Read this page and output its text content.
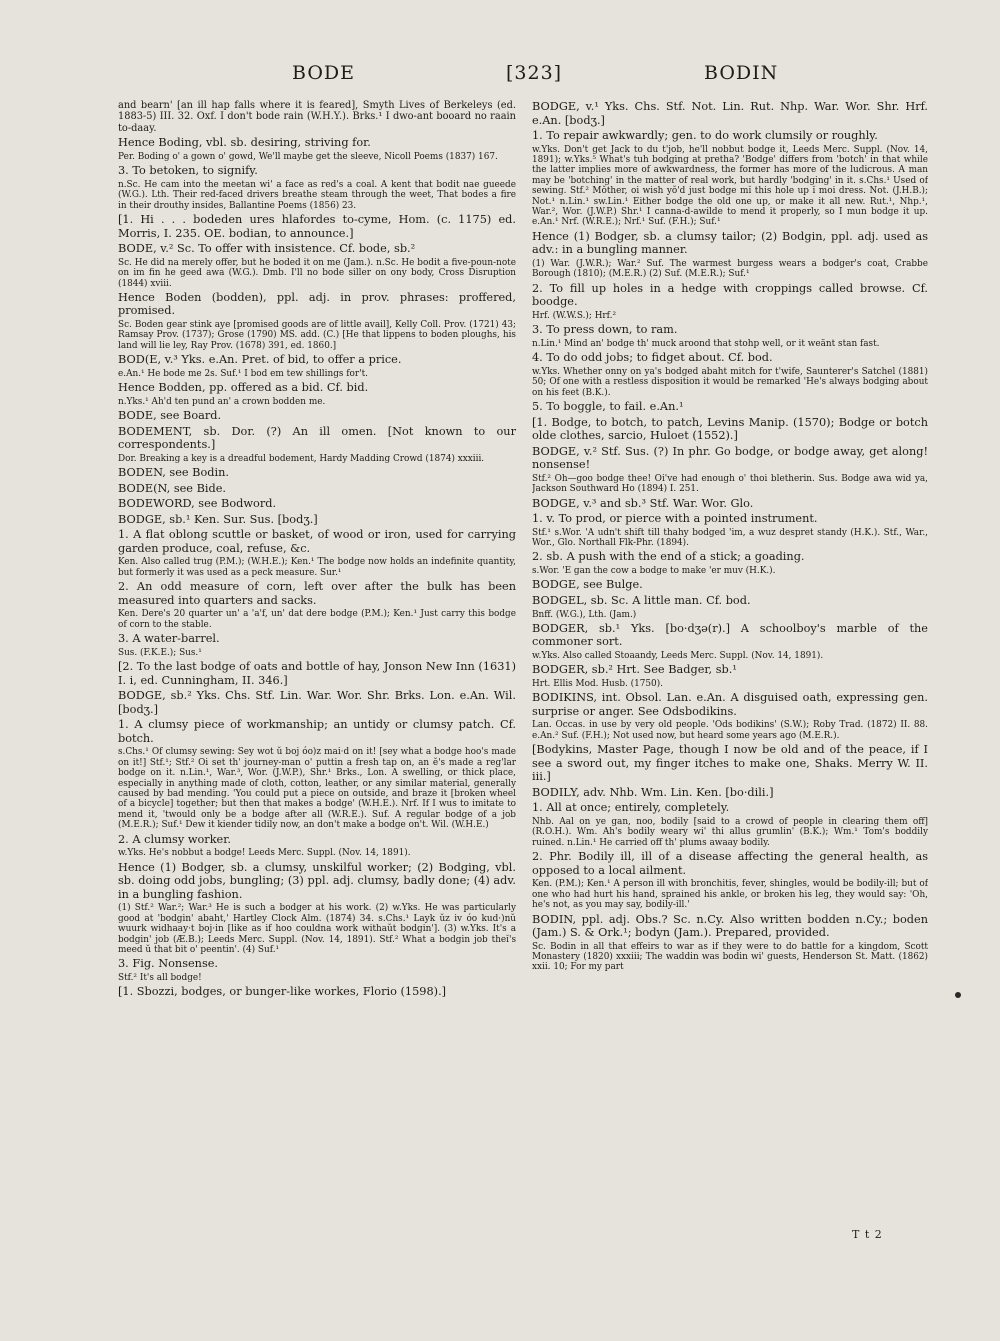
BODE	[323]	BODIN

and bearn' [an ill hap falls where it is feared], Smyth Lives of Berkeleys (ed. 1883-5) III. 32. Oxf. I don't bode rain (W.H.Y.). Brks.¹ I dwo-ant booard no raain to-daay.

Hence Boding, vbl. sb. desiring, striving for.

Per. Boding o' a gown o' gowd, We'll maybe get the sleeve, Nicoll Poems (1837) 167.

3. To betoken, to signify.

n.Sc. He cam into the meetan wi' a face as red's a coal. A kent that bodit nae gueede (W.G.). Lth. Their red-faced drivers breathe steam through the weet, That bodes a fire in their drouthy insides, Ballantine Poems (1856) 23.

[1. Hi . . . bodeden ures hlafordes to-cyme, Hom. (c. 1175) ed. Morris, I. 235. OE. bodian, to announce.]

BODE, v.² Sc. To offer with insistence. Cf. bode, sb.²

Sc. He did na merely offer, but he boded it on me (Jam.). n.Sc. He bodit a five-poun-note on im fin he geed awa (W.G.). Dmb. I'll no bode siller on ony body, Cross Disruption (1844) xviii.

Hence Boden (bodden), ppl. adj. in prov. phrases: proffered, promised.

Sc. Boden gear stink aye [promised goods are of little avail], Kelly Coll. Prov. (1721) 43; Ramsay Prov. (1737); Grose (1790) MS. add. (C.) [He that lippens to boden ploughs, his land will lie ley, Ray Prov. (1678) 391, ed. 1860.]

BOD(E, v.³ Yks. e.An. Pret. of bid, to offer a price.

e.An.¹ He bode me 2s. Suf.¹ I bod em tew shillings for't.

Hence Bodden, pp. offered as a bid. Cf. bid.

n.Yks.¹ Ah'd ten pund an' a crown bodden me.

BODE, see Board.

BODEMENT, sb. Dor. (?) An ill omen. [Not known to our correspondents.]

Dor. Breaking a key is a dreadful bodement, Hardy Madding Crowd (1874) xxxiii.

BODEN, see Bodin.

BODE(N, see Bide.

BODEWORD, see Bodword.

BODGE, sb.¹ Ken. Sur. Sus. [bodʒ.]

1. A flat oblong scuttle or basket, of wood or iron, used for carrying garden produce, coal, refuse, &c.

Ken. Also called trug (P.M.); (W.H.E.); Ken.¹ The bodge now holds an indefinite quantity, but formerly it was used as a peck measure. Sur.¹

2. An odd measure of corn, left over after the bulk has been measured into quarters and sacks.

Ken. Dere's 20 quarter un' a 'a'f, un' dat dere bodge (P.M.); Ken.¹ Just carry this bodge of corn to the stable.

3. A water-barrel.

Sus. (F.K.E.); Sus.¹

[2. To the last bodge of oats and bottle of hay, Jonson New Inn (1631) I. i, ed. Cunningham, II. 346.]

BODGE, sb.² Yks. Chs. Stf. Lin. War. Wor. Shr. Brks. Lon. e.An. Wil. [bodʒ.]

1. A clumsy piece of workmanship; an untidy or clumsy patch. Cf. botch.

s.Chs.¹ Of clumsy sewing: Sey wot ŭ boj óo)z mai·d on it! [sey what a bodge hoo's made on it!] Stf.¹; Stf.² Oi set th' journey-man o' puttin a fresh tap on, an ĕ's made a reg'lar bodge on it. n.Lin.¹, War.³, Wor. (J.W.P.), Shr.¹ Brks., Lon. A swelling, or thick place, especially in anything made of cloth, cotton, leather, or any similar material, generally caused by bad mending. 'You could put a piece on outside, and braze it [broken wheel of a bicycle] together; but then that makes a bodge' (W.H.E.). Nrf. If I wus to imitate to mend it, 'twould only be a bodge after all (W.R.E.). Suf. A regular bodge of a job (M.E.R.); Suf.¹ Dew it kiender tidily now, an don't make a bodge on't. Wil. (W.H.E.)

2. A clumsy worker.

w.Yks. He's nobbut a bodge! Leeds Merc. Suppl. (Nov. 14, 1891).

Hence (1) Bodger, sb. a clumsy, unskilful worker; (2) Bodging, vbl. sb. doing odd jobs, bungling; (3) ppl. adj. clumsy, badly done; (4) adv. in a bungling fashion.

(1) Stf.² War.²; War.³ He is such a bodger at his work. (2) w.Yks. He was particularly good at 'bodgin' abaht,' Hartley Clock Alm. (1874) 34. s.Chs.¹ Layk ŭz iv óo kud·)nŭ wuurk widhaay·t boj·in [like as if hoo couldna work withaŭt bodgin']. (3) w.Yks. It's a bodgin' job (Æ.B.); Leeds Merc. Suppl. (Nov. 14, 1891). Stf.² What a bodgin job theĭ's meed ŭ that bit o' peentin'. (4) Suf.¹

3. Fig. Nonsense.

Stf.² It's all bodge!

[1. Sbozzi, bodges, or bunger-like workes, Florio (1598).]

BODGE, v.¹ Yks. Chs. Stf. Not. Lin. Rut. Nhp. War. Wor. Shr. Hrf. e.An. [bodʒ.]

1. To repair awkwardly; gen. to do work clumsily or roughly.

w.Yks. Don't get Jack to du t'job, he'll nobbut bodge it, Leeds Merc. Suppl. (Nov. 14, 1891); w.Yks.⁵ What's tuh bodging at pretha? 'Bodge' differs from 'botch' in that while the latter implies more of awkwardness, the former has more of the ludicrous. A man may be 'botching' in the matter of real work, but hardly 'bodging' in it. s.Chs.¹ Used of sewing. Stf.² Mŏther, oi wish yŏ'd just bodge mĭ this hole up ĭ moi dress. Not. (J.H.B.); Not.¹ n.Lin.¹ sw.Lin.¹ Either bodge the old one up, or make it all new. Rut.¹, Nhp.¹, War.², Wor. (J.W.P.) Shr.¹ I canna-d-awilde to mend it properly, so I mun bodge it up. e.An.¹ Nrf. (W.R.E.); Nrf.¹ Suf. (F.H.); Suf.¹

Hence (1) Bodger, sb. a clumsy tailor; (2) Bodgin, ppl. adj. used as adv.: in a bungling manner.

(1) War. (J.W.R.); War.² Suf. The warmest burgess wears a bodger's coat, Crabbe Borough (1810); (M.E.R.) (2) Suf. (M.E.R.); Suf.¹

2. To fill up holes in a hedge with croppings called browse. Cf. boodge.

Hrf. (W.W.S.); Hrf.²

3. To press down, to ram.

n.Lin.¹ Mind an' bodge th' muck aroond that stohp well, or it weänt stan fast.

4. To do odd jobs; to fidget about. Cf. bod.

w.Yks. Whether onny on ya's bodged abaht mitch for t'wife, Saunterer's Satchel (1881) 50; Of one with a restless disposition it would be remarked 'He's always bodging about on his feet (B.K.).

5. To boggle, to fail. e.An.¹

[1. Bodge, to botch, to patch, Levins Manip. (1570); Bodge or botch olde clothes, sarcio, Huloet (1552).]

BODGE, v.² Stf. Sus. (?) In phr. Go bodge, or bodge away, get along! nonsense!

Stf.² Oh—goo bodge thee! Oi've had enough o' thoi bletherin. Sus. Bodge awa wid ya, Jackson Southward Ho (1894) I. 251.

BODGE, v.³ and sb.³ Stf. War. Wor. Glo.

1. v. To prod, or pierce with a pointed instrument.

Stf.¹ s.Wor. 'A udn't shift till thahy bodged 'im, a wuz despret standy (H.K.). Stf., War., Wor., Glo. Northall Flk-Phr. (1894).

2. sb. A push with the end of a stick; a goading.

s.Wor. 'E gan the cow a bodge to make 'er muv (H.K.).

BODGE, see Bulge.

BODGEL, sb. Sc. A little man. Cf. bod.

Bnff. (W.G.), Lth. (Jam.)

BODGER, sb.¹ Yks. [bo·dʒə(r).] A schoolboy's marble of the commoner sort.

w.Yks. Also called Stoaandy, Leeds Merc. Suppl. (Nov. 14, 1891).

BODGER, sb.² Hrt. See Badger, sb.¹

Hrt. Ellis Mod. Husb. (1750).

BODIKINS, int. Obsol. Lan. e.An. A disguised oath, expressing gen. surprise or anger. See Odsbodikins.

Lan. Occas. in use by very old people. 'Ods bodikins' (S.W.); Roby Trad. (1872) II. 88. e.An.² Suf. (F.H.); Not used now, but heard some years ago (M.E.R.).

[Bodykins, Master Page, though I now be old and of the peace, if I see a sword out, my finger itches to make one, Shaks. Merry W. II. iii.]

BODILY, adv. Nhb. Wm. Lin. Ken. [bo·dili.]

1. All at once; entirely, completely.

Nhb. Aal on ye gan, noo, bodily [said to a crowd of people in clearing them off] (R.O.H.). Wm. Ah's bodily weary wi' thi allus grumlin' (B.K.); Wm.¹ Tom's boddily ruined. n.Lin.¹ He carried off th' plums awaay bodily.

2. Phr. Bodily ill, ill of a disease affecting the general health, as opposed to a local ailment.

Ken. (P.M.); Ken.¹ A person ill with bronchitis, fever, shingles, would be bodily-ill; but of one who had hurt his hand, sprained his ankle, or broken his leg, they would say: 'Oh, he's not, as you may say, bodily-ill.'

BODIN, ppl. adj. Obs.? Sc. n.Cy. Also written bodden n.Cy.; boden (Jam.) S. & Ork.¹; bodyn (Jam.). Prepared, provided.

Sc. Bodin in all that effeirs to war as if they were to do battle for a kingdom, Scott Monastery (1820) xxxiii; The waddin was bodin wi' guests, Henderson St. Matt. (1862) xxii. 10; For my part

T t 2
